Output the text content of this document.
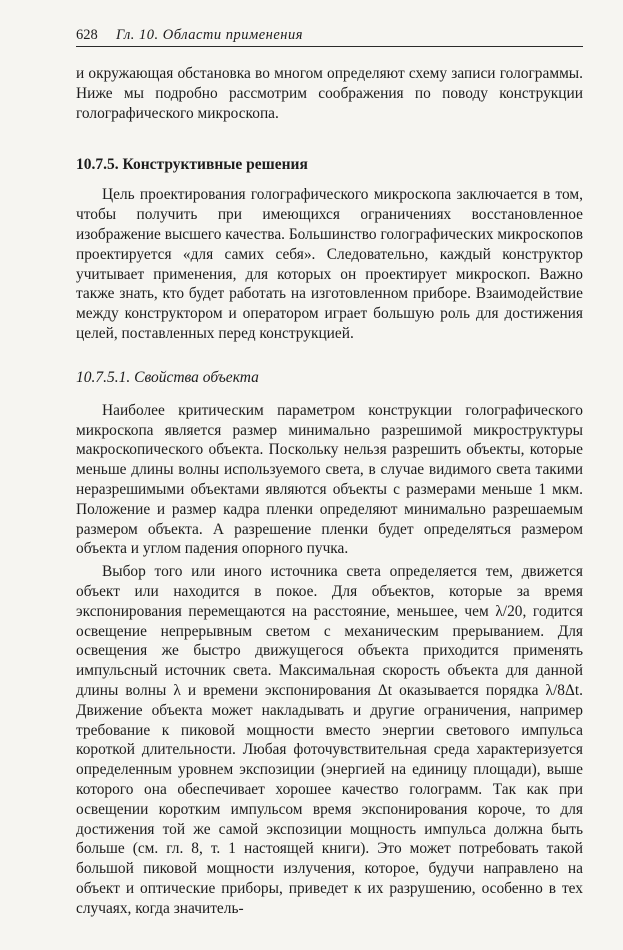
628 Гл. 10. Области применения

и окружающая обстановка во многом определяют схему записи голограммы. Ниже мы подробно рассмотрим соображения по поводу конструкции голографического микроскопа.

10.7.5. Конструктивные решения

Цель проектирования голографического микроскопа заключается в том, чтобы получить при имеющихся ограничениях восстановленное изображение высшего качества. Большинство голографических микроскопов проектируется «для самих себя». Следовательно, каждый конструктор учитывает применения, для которых он проектирует микроскоп. Важно также знать, кто будет работать на изготовленном приборе. Взаимодействие между конструктором и оператором играет большую роль для достижения целей, поставленных перед конструкцией.

10.7.5.1. Свойства объекта

Наиболее критическим параметром конструкции голографического микроскопа является размер минимально разрешимой микроструктуры макроскопического объекта. Поскольку нельзя разрешить объекты, которые меньше длины волны используемого света, в случае видимого света такими неразрешимыми объектами являются объекты с размерами меньше 1 мкм. Положение и размер кадра пленки определяют минимально разрешаемым размером объекта. А разрешение пленки будет определяться размером объекта и углом падения опорного пучка.

Выбор того или иного источника света определяется тем, движется объект или находится в покое. Для объектов, которые за время экспонирования перемещаются на расстояние, меньшее, чем λ/20, годится освещение непрерывным светом с механическим прерыванием. Для освещения же быстро движущегося объекта приходится применять импульсный источник света. Максимальная скорость объекта для данной длины волны λ и времени экспонирования Δt оказывается порядка λ/8Δt. Движение объекта может накладывать и другие ограничения, например требование к пиковой мощности вместо энергии светового импульса короткой длительности. Любая фоточувствительная среда характеризуется определенным уровнем экспозиции (энергией на единицу площади), выше которого она обеспечивает хорошее качество голограмм. Так как при освещении коротким импульсом время экспонирования короче, то для достижения той же самой экспозиции мощность импульса должна быть больше (см. гл. 8, т. 1 настоящей книги). Это может потребовать такой большой пиковой мощности излучения, которое, будучи направлено на объект и оптические приборы, приведет к их разрушению, особенно в тех случаях, когда значитель-
